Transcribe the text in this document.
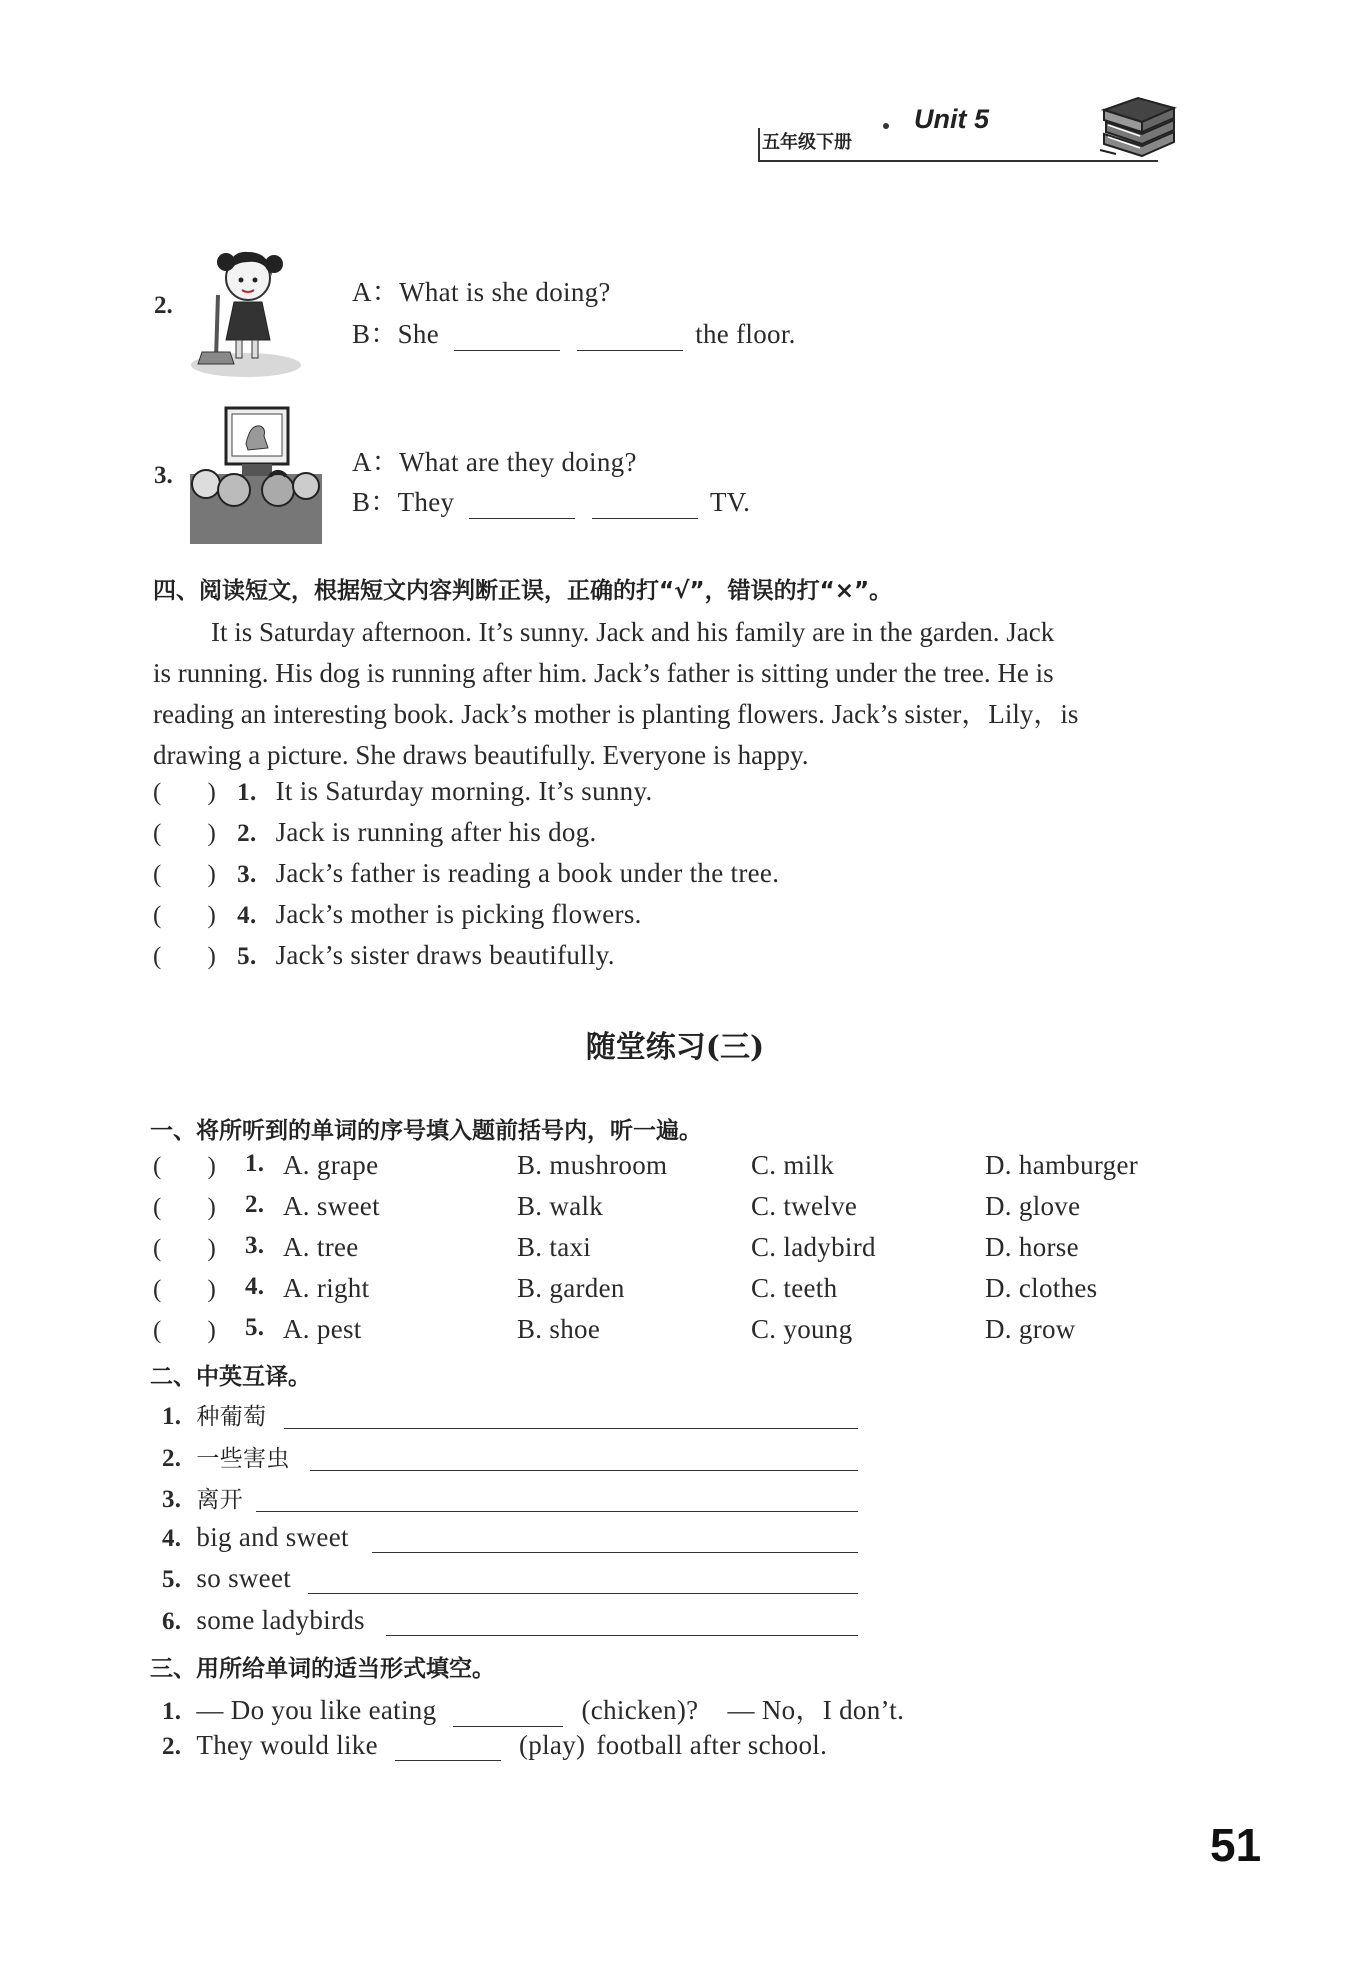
五年级下册
Unit 5
2.	A：What is she doing?
B：She	the floor.
3.	A：What are they doing?
B：They	TV.
四、阅读短文，根据短文内容判断正误，正确的打“√”，错误的打“×”。
It is Saturday afternoon. It’s sunny. Jack and his family are in the garden. Jack
is running. His dog is running after him. Jack’s father is sitting under the tree. He is
reading an interesting book. Jack’s mother is planting flowers. Jack’s sister，Lily，is
drawing a picture. She draws beautifully. Everyone is happy.
(       ) 1. It is Saturday morning. It’s sunny.
(       ) 2. Jack is running after his dog.
(       ) 3. Jack’s father is reading a book under the tree.
(       ) 4. Jack’s mother is picking flowers.
(       ) 5. Jack’s sister draws beautifully.
随堂练习(三)
一、将所听到的单词的序号填入题前括号内，听一遍。
(       ) 1. A. grape	B. mushroom	C. milk	D. hamburger
(       ) 2. A. sweet	B. walk	C. twelve	D. glove
(       ) 3. A. tree	B. taxi	C. ladybird	D. horse
(       ) 4. A. right	B. garden	C. teeth	D. clothes
(       ) 5. A. pest	B. shoe	C. young	D. grow
二、中英互译。
1. 种葡萄
2. 一些害虫
3. 离开
4. big and sweet
5. so sweet
6. some ladybirds
三、用所给单词的适当形式填空。
1. — Do you like eating	(chicken)? — No，I don’t.
2. They would like	(play) football after school.
51
